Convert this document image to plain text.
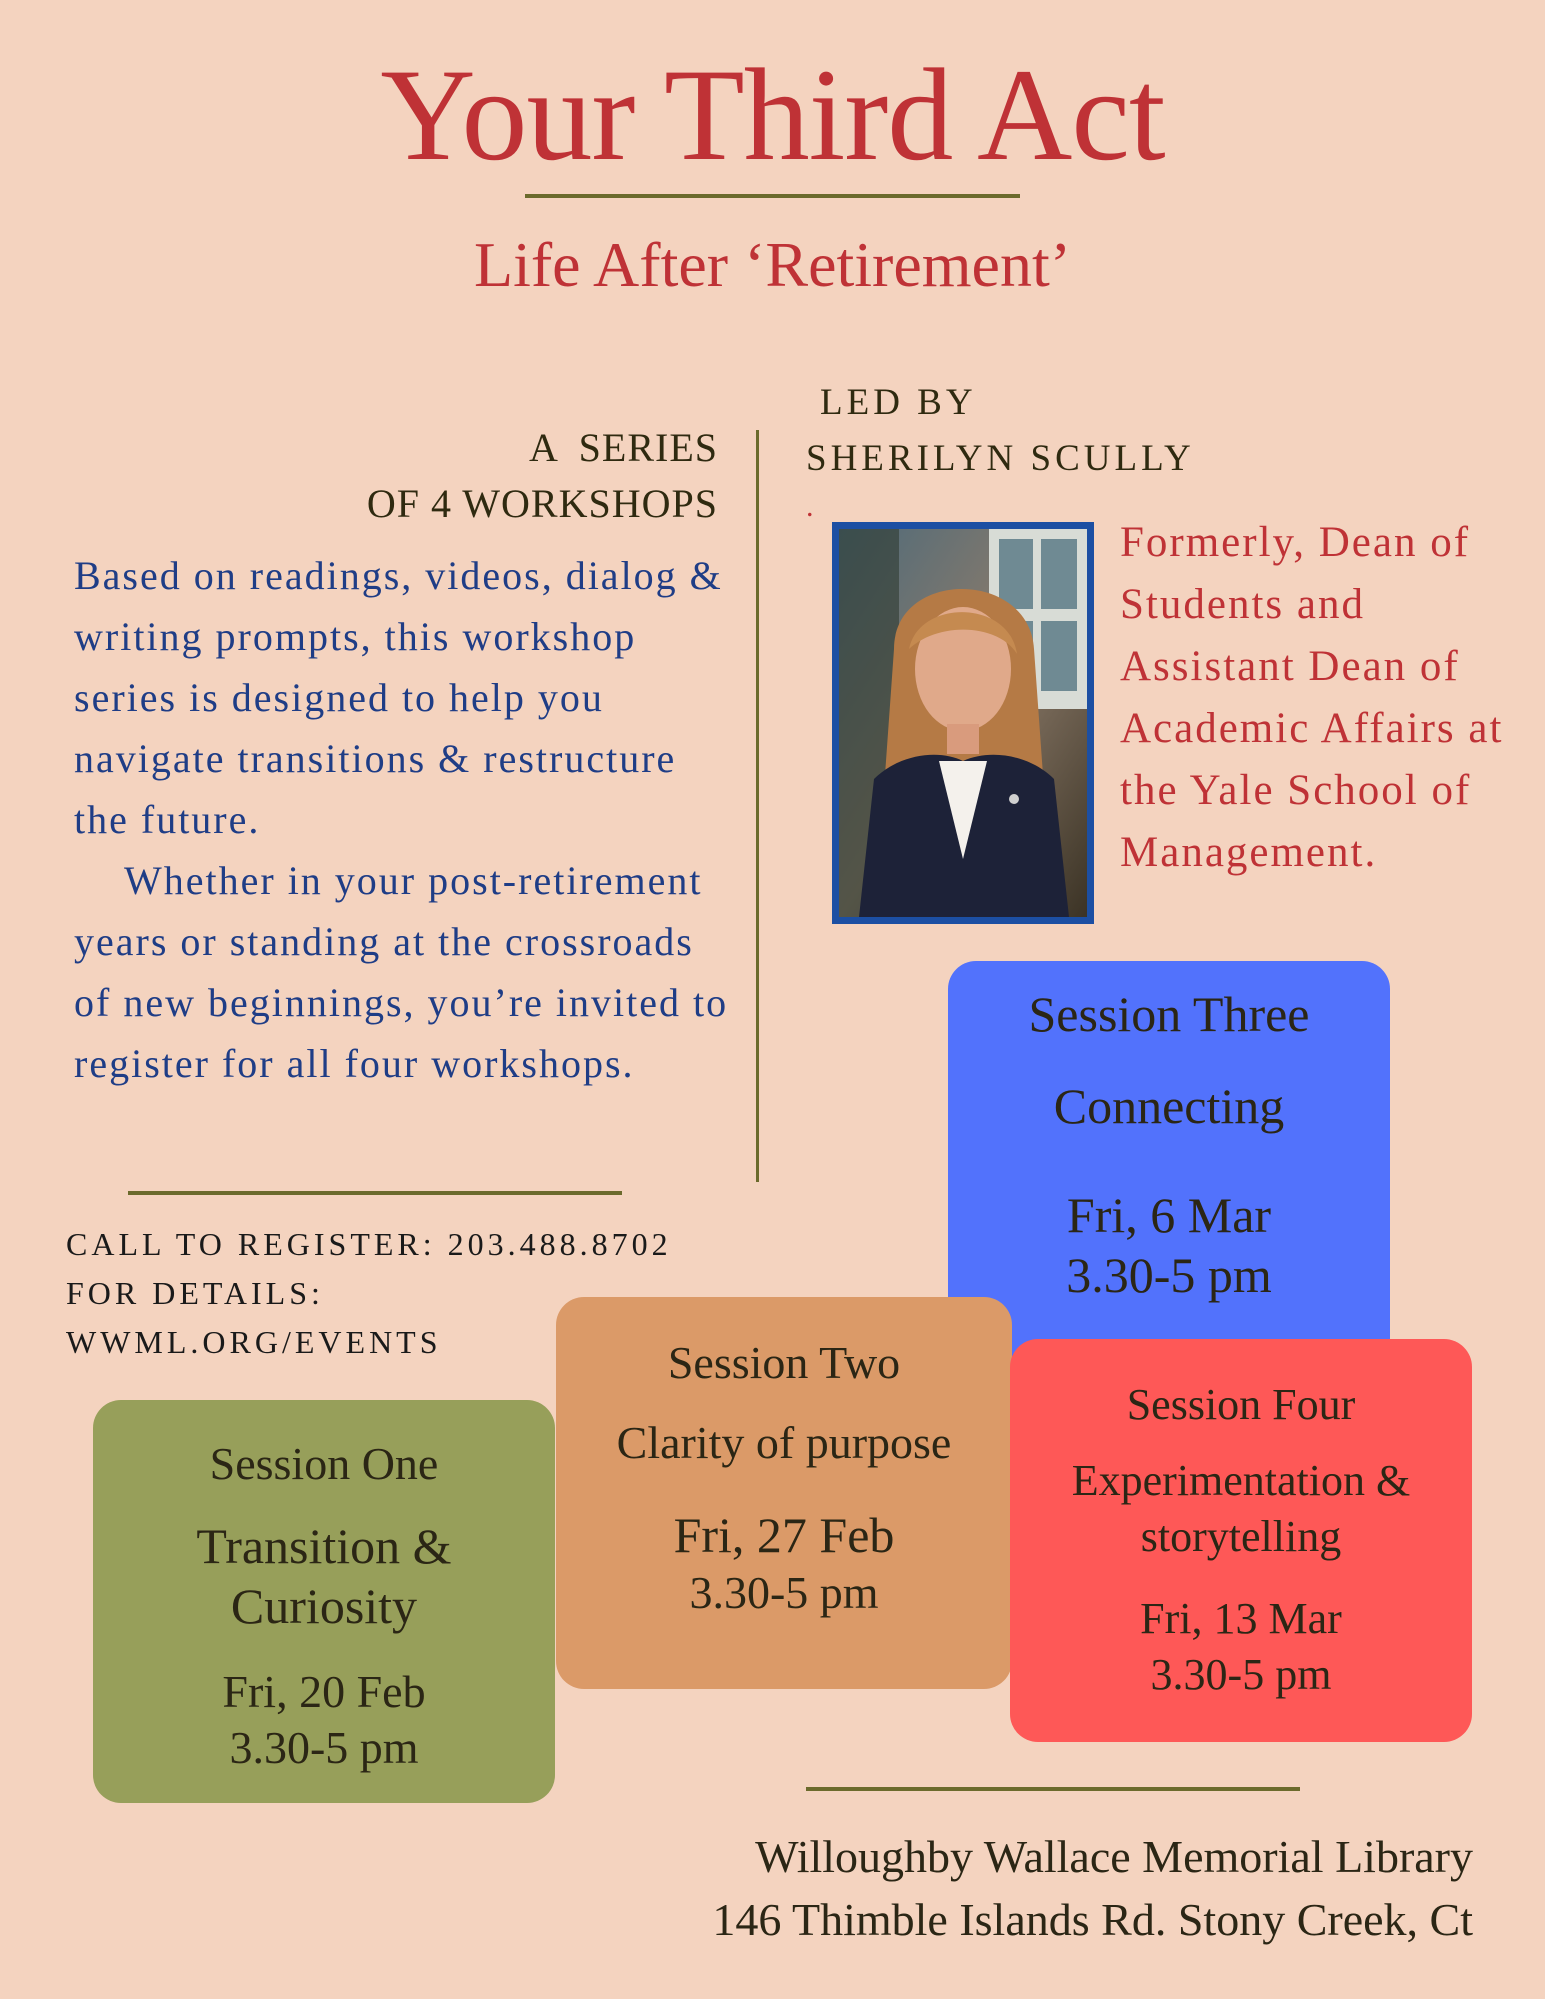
Your Third Act
Life After ‘Retirement’
A  SERIES
OF 4 WORKSHOPS
LED BY
SHERILYN SCULLY
.
Formerly, Dean of Students and Assistant Dean of Academic Affairs at the Yale School of Management.

Based on readings, videos, dialog & writing prompts, this workshop series is designed to help you navigate transitions & restructure the future.

Whether in your post-retirement years or standing at the crossroads of new beginnings, you’re invited to register for all four workshops.

CALL TO REGISTER: 203.488.8702
FOR DETAILS:
WWML.ORG/EVENTS
Session Three
Connecting
Fri, 6 Mar
3.30-5 pm
Session Two
Clarity of purpose
Fri, 27 Feb
3.30-5 pm
Session Four
Experimentation & storytelling
Fri, 13 Mar
3.30-5 pm
Session One
Transition & Curiosity
Fri, 20 Feb
3.30-5 pm
Willoughby Wallace Memorial Library
146 Thimble Islands Rd. Stony Creek, Ct
